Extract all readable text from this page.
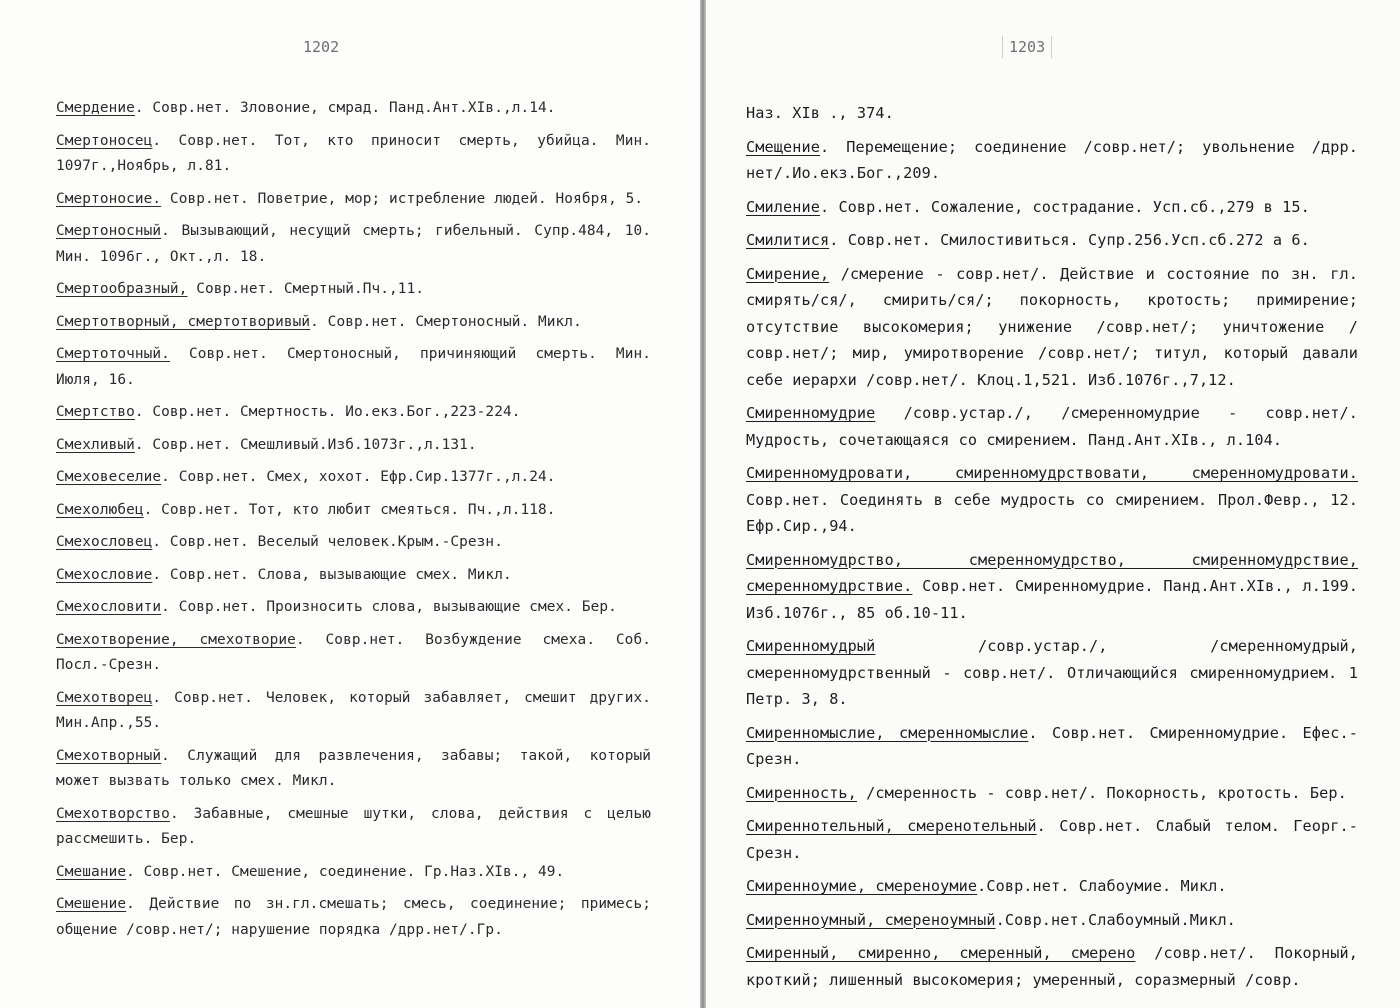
1202
Смердение. Совр.нет. Зловоние, смрад. Панд.Ант.XIв.,л.14.
Смертоносец. Совр.нет. Тот, кто приносит смерть, убийца. Мин. 1097г.,Ноябрь, л.81.
Смертоносие. Совр.нет. Поветрие, мор; истребление людей. Ноября, 5.
Смертоносный. Вызывающий, несущий смерть; гибельный. Супр.484, 10. Мин. 1096г., Окт.,л. 18.
Смертообразный, Совр.нет. Смертный.Пч.,11.
Смертотворный, смертотворивый. Совр.нет. Смертоносный. Микл.
Смертоточный. Совр.нет. Смертоносный, причиняющий смерть. Мин. Июля, 16.
Смертство. Совр.нет. Смертность. Ио.екз.Бог.,223-224.
Смехливый. Совр.нет. Смешливый.Изб.1073г.,л.131.
Смеховеселие. Совр.нет. Смех, хохот. Ефр.Сир.1377г.,л.24.
Смехолюбец. Совр.нет. Тот, кто любит смеяться. Пч.,л.118.
Смехословец. Совр.нет. Веселый человек.Крым.-Срезн.
Смехословие. Совр.нет. Слова, вызывающие смех. Микл.
Смехословити. Совр.нет. Произносить слова, вызывающие смех. Бер.
Смехотворение, смехотворие. Совр.нет. Возбуждение смеха. Соб. Посл.-Срезн.
Смехотворец. Совр.нет. Человек, который забавляет, смешит других. Мин.Апр.,55.
Смехотворный. Служащий для развлечения, забавы; такой, который может вызвать только смех. Микл.
Смехотворство. Забавные, смешные шутки, слова, действия с целью рассмешить. Бер.
Смешание. Совр.нет. Смешение, соединение. Гр.Наз.XIв., 49.
Смешение. Действие по зн.гл.смешать; смесь, соединение; примесь; общение /совр.нет/; нарушение порядка /дрр.нет/.Гр.
1203
Наз. XIв ., 374.
Смещение. Перемещение; соединение /совр.нет/; увольнение /дрр. нет/.Ио.екз.Бог.,209.
Смиление. Совр.нет. Сожаление, сострадание. Усп.сб.,279 в 15.
Смилитися. Совр.нет. Смилостивиться. Супр.256.Усп.сб.272 а 6.
Смирение, /смерение - совр.нет/. Действие и состояние по зн. гл. смирять/ся/, смирить/ся/; покорность, кротость; примирение; отсутствие высокомерия; унижение /совр.нет/; уничтожение /совр.нет/; мир, умиротворение /совр.нет/; титул, который давали себе иерархи /совр.нет/. Клоц.1,521. Изб.1076г.,7,12.
Смиренномудрие /совр.устар./, /смеренномудрие - совр.нет/. Мудрость, сочетающаяся со смирением. Панд.Ант.XIв., л.104.
Смиренномудровати, смиренномудрствовати, смеренномудровати. Совр.нет. Соединять в себе мудрость со смирением. Прол.Февр., 12. Ефр.Сир.,94.
Смиренномудрство, смеренномудрство, смиренномудрствие, смеренномудрствие. Совр.нет. Смиренномудрие. Панд.Ант.XIв., л.199. Изб.1076г., 85 об.10-11.
Смиренномудрый /совр.устар./, /смеренномудрый, смеренномудрственный - совр.нет/. Отличающийся смиренномудрием. 1 Петр. 3, 8.
Смиренномыслие, смеренномыслие. Совр.нет. Смиренномудрие. Ефес.-Срезн.
Смиренность, /смеренность - совр.нет/. Покорность, кротость. Бер.
Смиреннотельный, смеренотельный. Совр.нет. Слабый телом. Георг.-Срезн.
Смиренноумие, смереноумие.Совр.нет. Слабоумие. Микл.
Смиренноумный, смереноумный.Совр.нет.Слабоумный.Микл.
Смиренный, смиренно, смеренный, смерено /совр.нет/. Покорный, кроткий; лишенный высокомерия; умеренный, соразмерный /совр.
